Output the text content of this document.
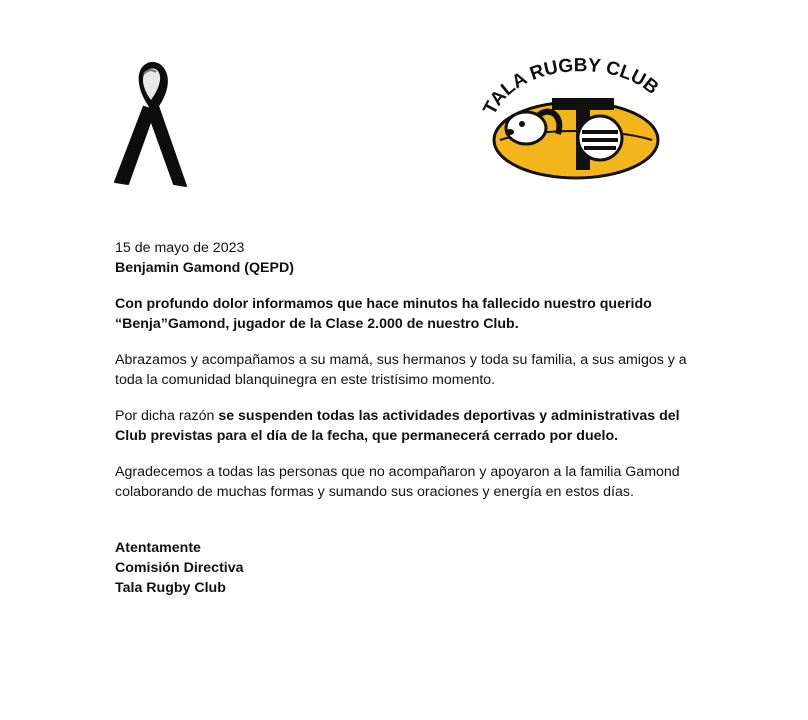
TALA RUGBY CLUB

15 de mayo de 2023

Benjamin Gamond (QEPD)

Con profundo dolor informamos que hace minutos ha fallecido nuestro querido “Benja”Gamond, jugador de la Clase 2.000 de nuestro Club.

Abrazamos y acompañamos a su mamá, sus hermanos y toda su familia, a sus amigos y a toda la comunidad blanquinegra en este tristísimo momento.

Por dicha razón se suspenden todas las actividades deportivas y administrativas del Club previstas para el día de la fecha, que permanecerá cerrado por duelo.

Agradecemos a todas las personas que no acompañaron y apoyaron a la familia Gamond colaborando de muchas formas y sumando sus oraciones y energía en estos días.

Atentamente

Comisión Directiva

Tala Rugby Club
